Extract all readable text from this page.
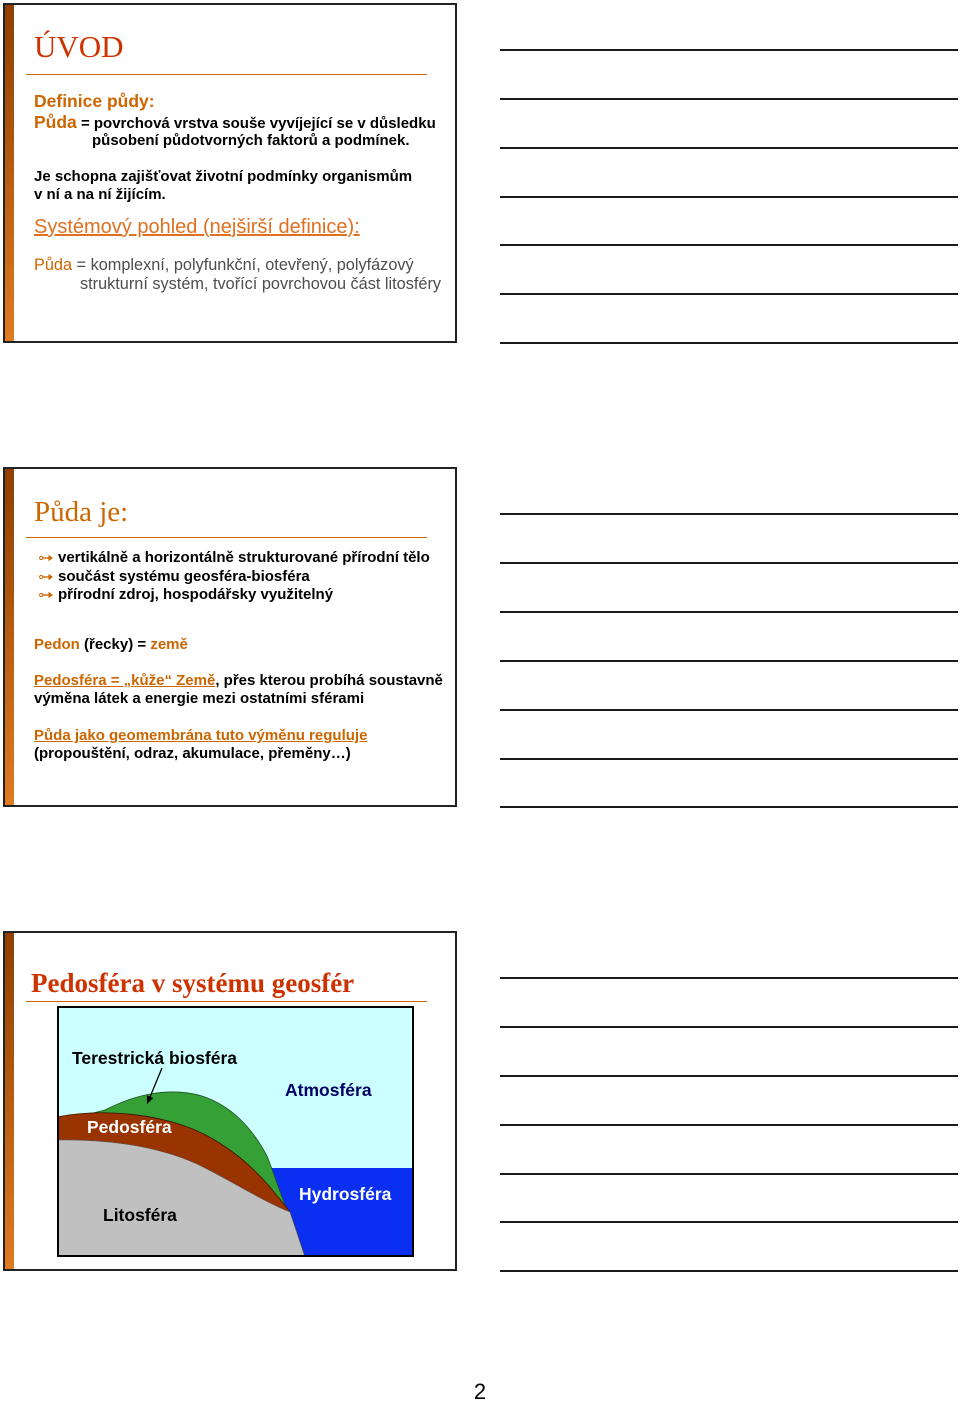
ÚVOD
Definice půdy:
Půda = povrchová vrstva souše vyvíjející se v důsledku
působení půdotvorných faktorů a podmínek.
Je schopna zajišťovat životní podmínky organismům
v ní a na ní žijícím.
Systémový pohled (nejširší definice):
Půda = komplexní, polyfunkční, otevřený, polyfázový
strukturní systém, tvořící povrchovou část litosféry
Půda je:
vertikálně a horizontálně strukturované přírodní tělo
součást systému geosféra-biosféra
přírodní zdroj, hospodářsky využitelný
Pedon (řecky) = země
Pedosféra = „kůže“ Země, přes kterou probíhá soustavně
výměna látek a energie mezi ostatními sférami
Půda jako geomembrána tuto výměnu reguluje
(propouštění, odraz, akumulace, přeměny…)
Pedosféra v systému geosfér
Terestrická biosféra
Atmosféra
Pedosféra
Hydrosféra
Litosféra
2
